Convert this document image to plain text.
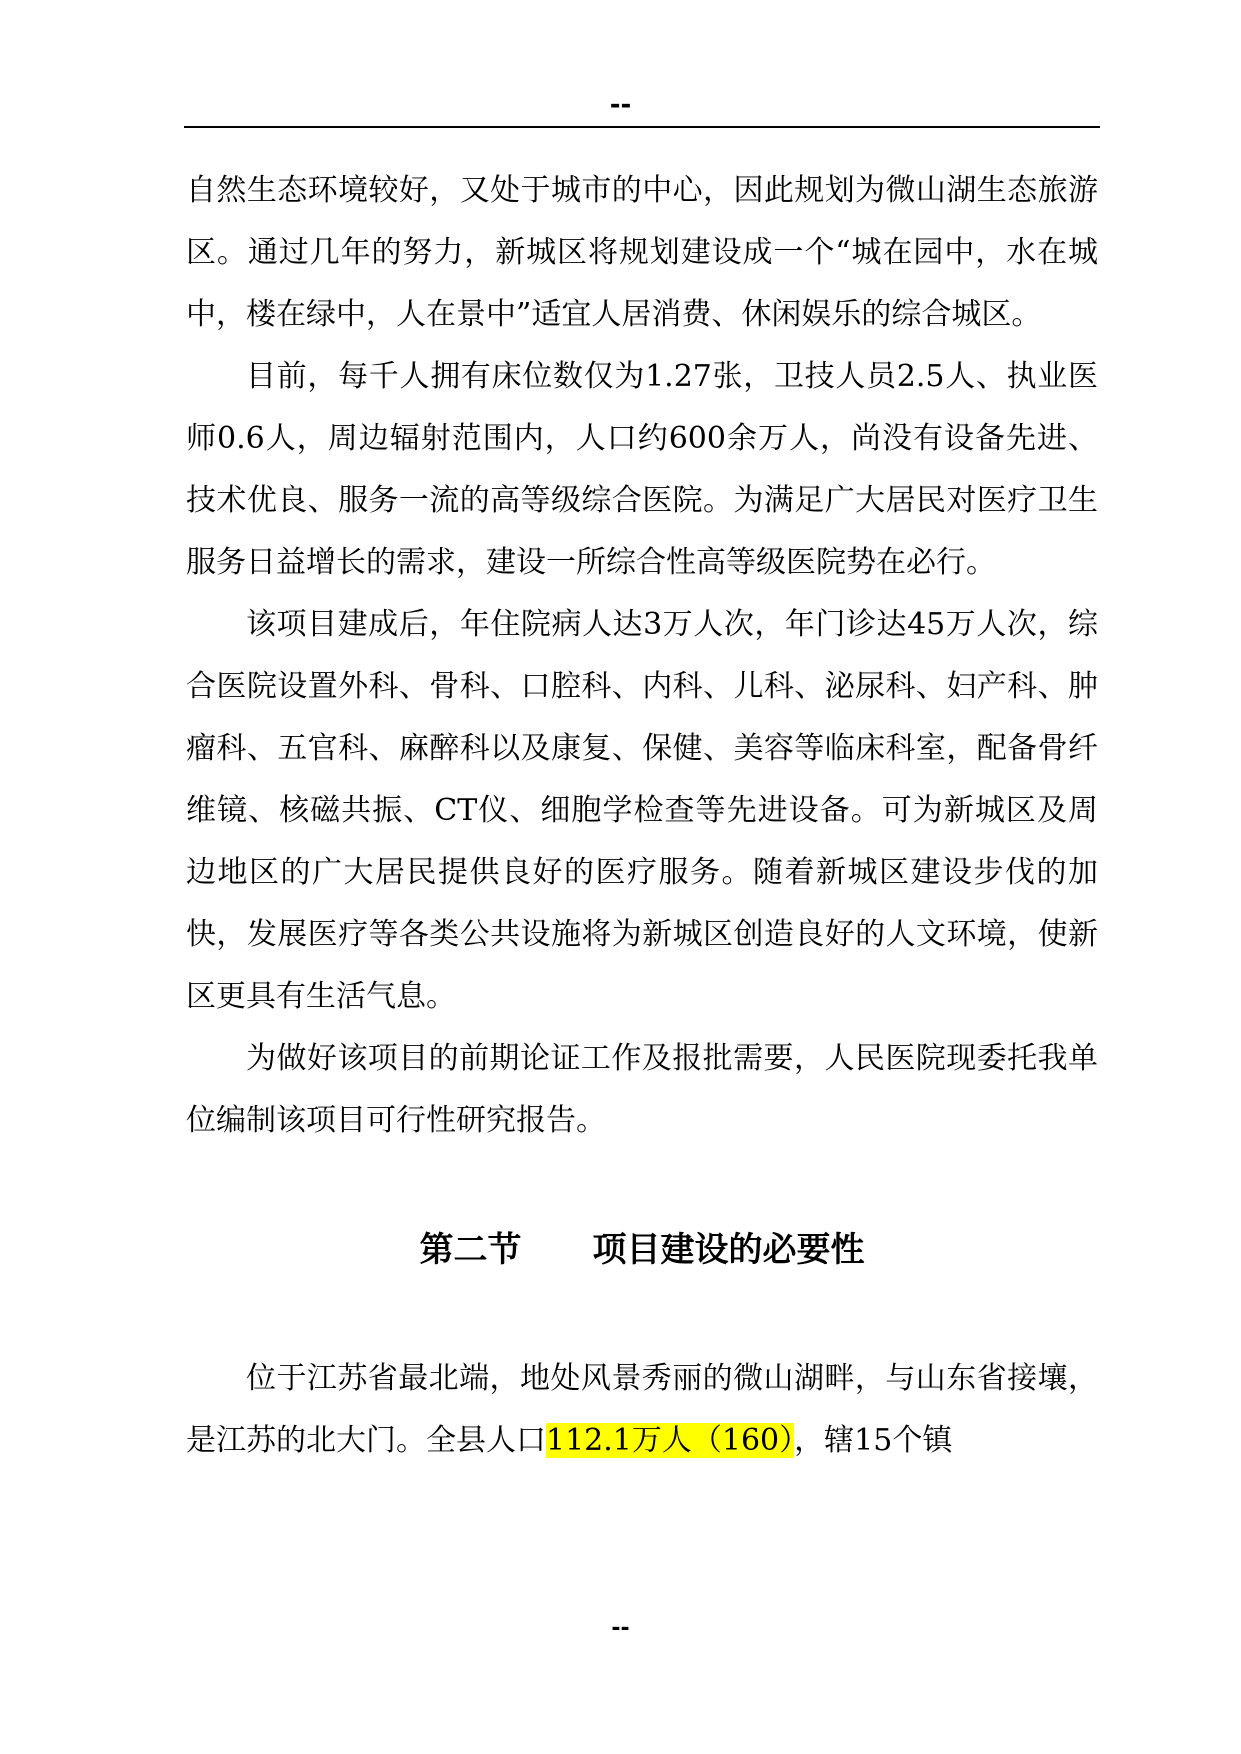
--

自然生态环境较好，又处于城市的中心，因此规划为微山湖生态旅游区。通过几年的努力，新城区将规划建设成一个“城在园中，水在城中，楼在绿中，人在景中”适宜人居消费、休闲娱乐的综合城区。

目前，每千人拥有床位数仅为1.27张，卫技人员2.5人、执业医师0.6人，周边辐射范围内，人口约600余万人，尚没有设备先进、技术优良、服务一流的高等级综合医院。为满足广大居民对医疗卫生服务日益增长的需求，建设一所综合性高等级医院势在必行。

该项目建成后，年住院病人达3万人次，年门诊达45万人次，综合医院设置外科、骨科、口腔科、内科、儿科、泌尿科、妇产科、肿瘤科、五官科、麻醉科以及康复、保健、美容等临床科室，配备骨纤维镜、核磁共振、CT仪、细胞学检查等先进设备。可为新城区及周边地区的广大居民提供良好的医疗服务。随着新城区建设步伐的加快，发展医疗等各类公共设施将为新城区创造良好的人文环境，使新区更具有生活气息。

为做好该项目的前期论证工作及报批需要，人民医院现委托我单位编制该项目可行性研究报告。

第二节      项目建设的必要性

位于江苏省最北端，地处风景秀丽的微山湖畔，与山东省接壤，是江苏的北大门。全县人口112.1万人（160），辖15个镇

--
